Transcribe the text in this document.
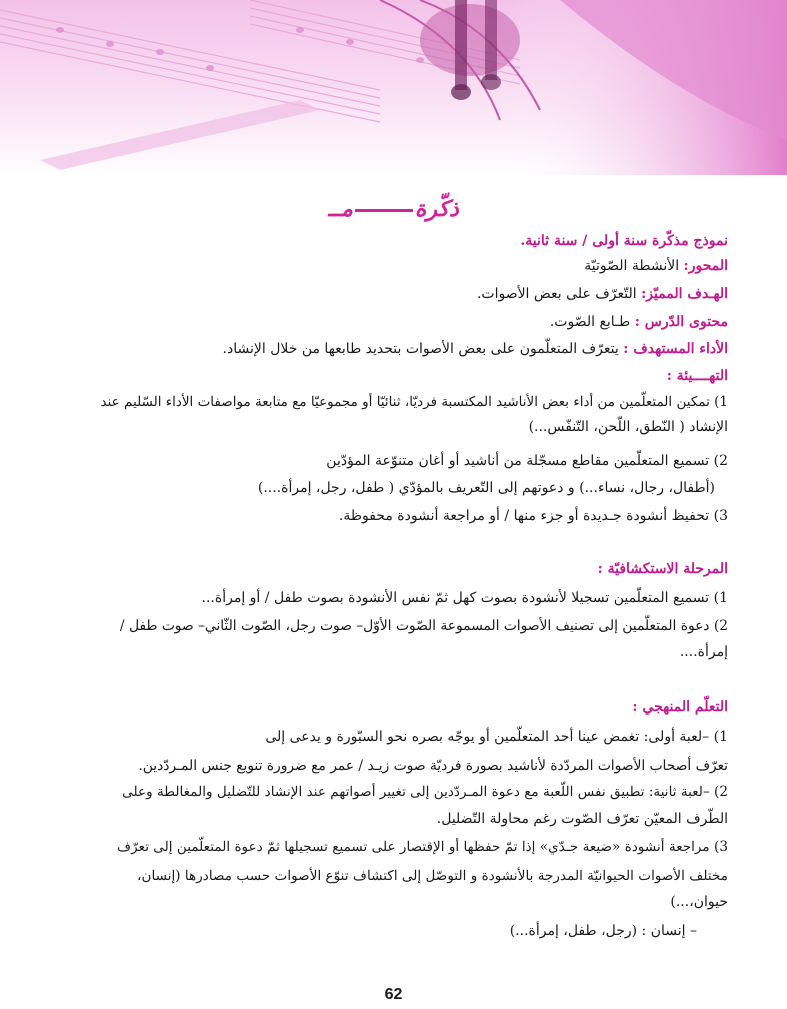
ذكّرةمــ
نموذج مذكّرة سنة أولى / سنة ثانية.
المحور: الأنشطة الصّوتيّة
الهـدف المميّز: التّعرّف على بعض الأصوات.
محتوى الدّرس : طـابع الصّوت.
الأداء المستهدف : يتعرّف المتعلّمون على بعض الأصوات بتحديد طابعها من خلال الإنشاد.
التهــــيئة :
1) تمكين المتعلّمين من أداء بعض الأناشيد المكتسبة فرديّا، ثنائيّا أو مجموعيّا مع متابعة مواصفات الأداء السّليم عند
الإنشاد ( النّطق، اللّحن، التّنفّس...)
2) تسميع المتعلّمين مقاطع مسجّلة من أناشيد أو أغان متنوّعة المؤدّين
(أطفال، رجال، نساء...) و دعوتهم إلى التّعريف بالمؤدّي ( طفل، رجل، إمرأة....)
3) تحفيظ أنشودة جـديدة أو جزء منها / أو مراجعة أنشودة محفوظة.
المرحلة الاستكشافيّة :
1) تسميع المتعلّمين تسجيلا لأنشودة بصوت كهل ثمّ نفس الأنشودة بصوت طفل / أو إمرأة...
2) دعوة المتعلّمين إلى تصنيف الأصوات المسموعة الصّوت الأوّل– صوت رجل، الصّوت الثّاني– صوت طفل /
إمرأة....
التعلّم المنهجي :
1) –لعبة أولى: تغمض عينا أحد المتعلّمين أو يوجّه بصره نحو السبّورة و يدعى إلى
تعرّف أصحاب الأصوات المردّدة لأناشيد بصورة فرديّة صوت زيـد / عمر مع ضرورة تنويع جنس المـردّدين.
2) –لعبة ثانية: تطبيق نفس اللّعبة مع دعوة المـردّدين إلى تغيير أصواتهم عند الإنشاد للتّضليل والمغالطة وعلى
الطّرف المعيّن تعرّف الصّوت رغم محاولة التّضليل.
3) مراجعة أنشودة «ضيعة جـدّي» إذا تمّ حفظها أو الإقتصار على تسميع تسجيلها ثمّ دعوة المتعلّمين إلى تعرّف
مختلف الأصوات الحيوانيّة المدرجة بالأنشودة و التوصّل إلى اكتشاف تنوّع الأصوات حسب مصادرها (إنسان،
حيوان،...)
– إنسان : (رجل، طفل، إمرأة...)
62
